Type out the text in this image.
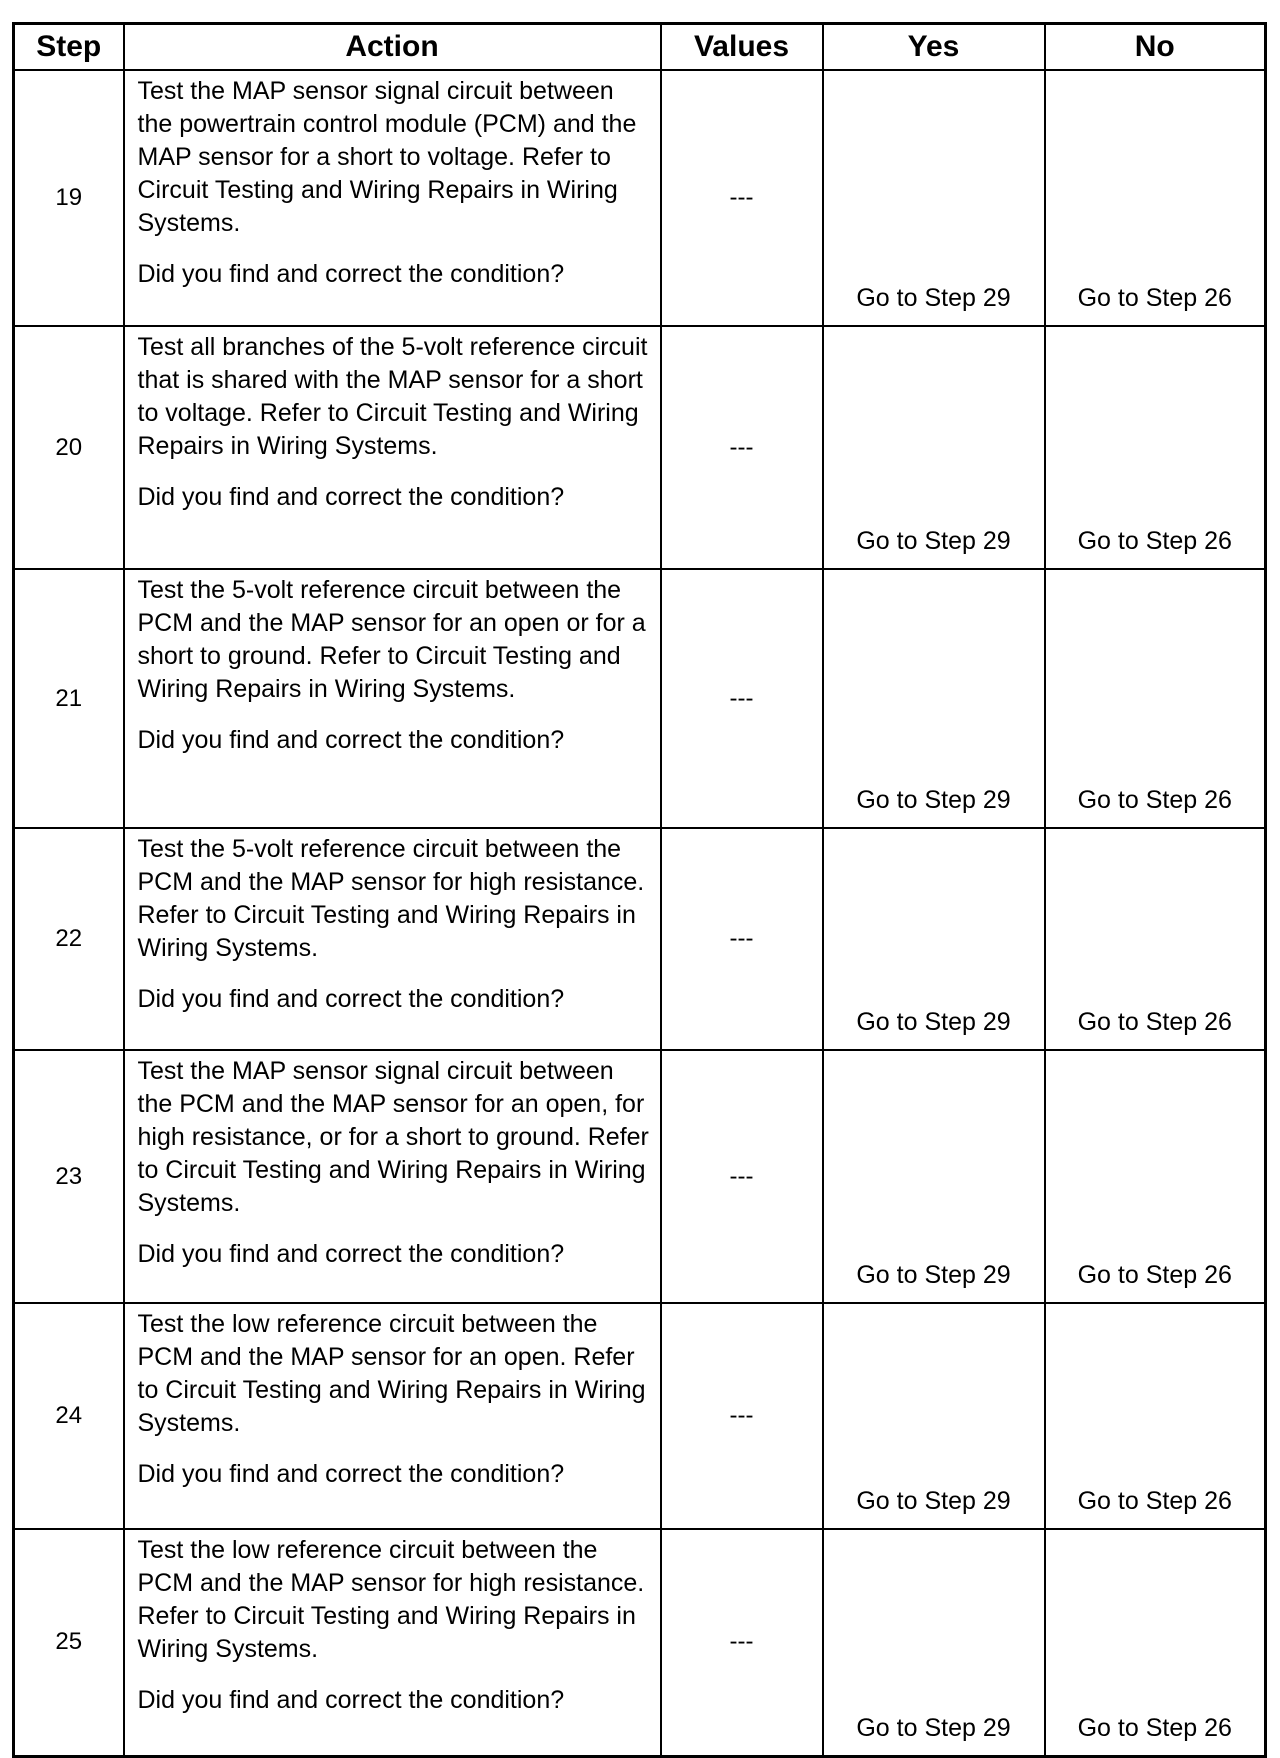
Step	Action	Values	Yes	No
19	Test the MAP sensor signal circuit between the powertrain control module (PCM) and the MAP sensor for a short to voltage. Refer to Circuit Testing and Wiring Repairs in Wiring Systems.
Did you find and correct the condition?	---	Go to Step 29	Go to Step 26
20	Test all branches of the 5-volt reference circuit that is shared with the MAP sensor for a short to voltage. Refer to Circuit Testing and Wiring Repairs in Wiring Systems.
Did you find and correct the condition?	---	Go to Step 29	Go to Step 26
21	Test the 5-volt reference circuit between the PCM and the MAP sensor for an open or for a short to ground. Refer to Circuit Testing and Wiring Repairs in Wiring Systems.
Did you find and correct the condition?	---	Go to Step 29	Go to Step 26
22	Test the 5-volt reference circuit between the PCM and the MAP sensor for high resistance. Refer to Circuit Testing and Wiring Repairs in Wiring Systems.
Did you find and correct the condition?	---	Go to Step 29	Go to Step 26
23	Test the MAP sensor signal circuit between the PCM and the MAP sensor for an open, for high resistance, or for a short to ground. Refer to Circuit Testing and Wiring Repairs in Wiring Systems.
Did you find and correct the condition?	---	Go to Step 29	Go to Step 26
24	Test the low reference circuit between the PCM and the MAP sensor for an open. Refer to Circuit Testing and Wiring Repairs in Wiring Systems.
Did you find and correct the condition?	---	Go to Step 29	Go to Step 26
25	Test the low reference circuit between the PCM and the MAP sensor for high resistance. Refer to Circuit Testing and Wiring Repairs in Wiring Systems.
Did you find and correct the condition?	---	Go to Step 29	Go to Step 26
